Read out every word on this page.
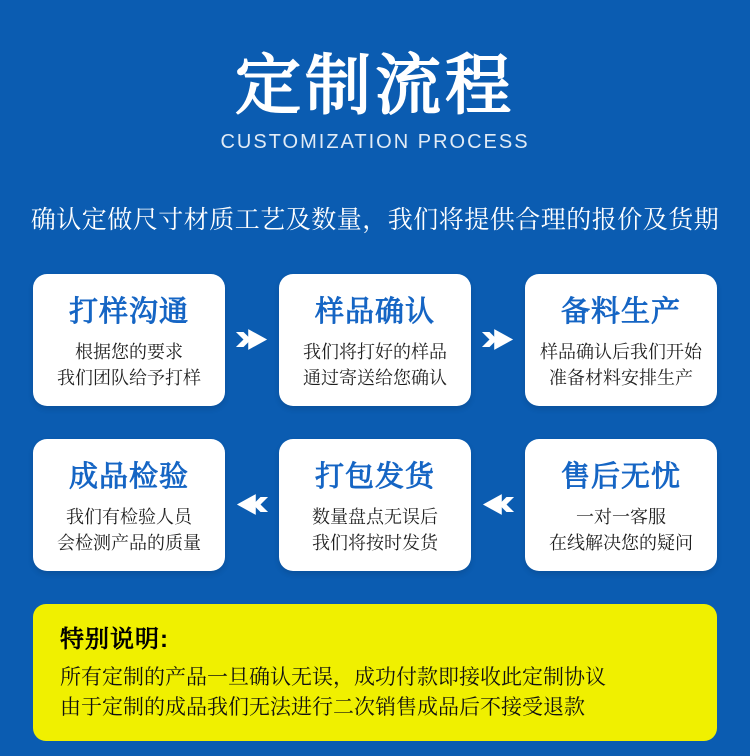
定制流程
CUSTOMIZATION PROCESS
确认定做尺寸材质工艺及数量，我们将提供合理的报价及货期
打样沟通
根据您的要求
我们团队给予打样
样品确认
我们将打好的样品
通过寄送给您确认
备料生产
样品确认后我们开始
准备材料安排生产
成品检验
我们有检验人员
会检测产品的质量
打包发货
数量盘点无误后
我们将按时发货
售后无忧
一对一客服
在线解决您的疑问
特别说明:
所有定制的产品一旦确认无误，成功付款即接收此定制协议
由于定制的成品我们无法进行二次销售成品后不接受退款
